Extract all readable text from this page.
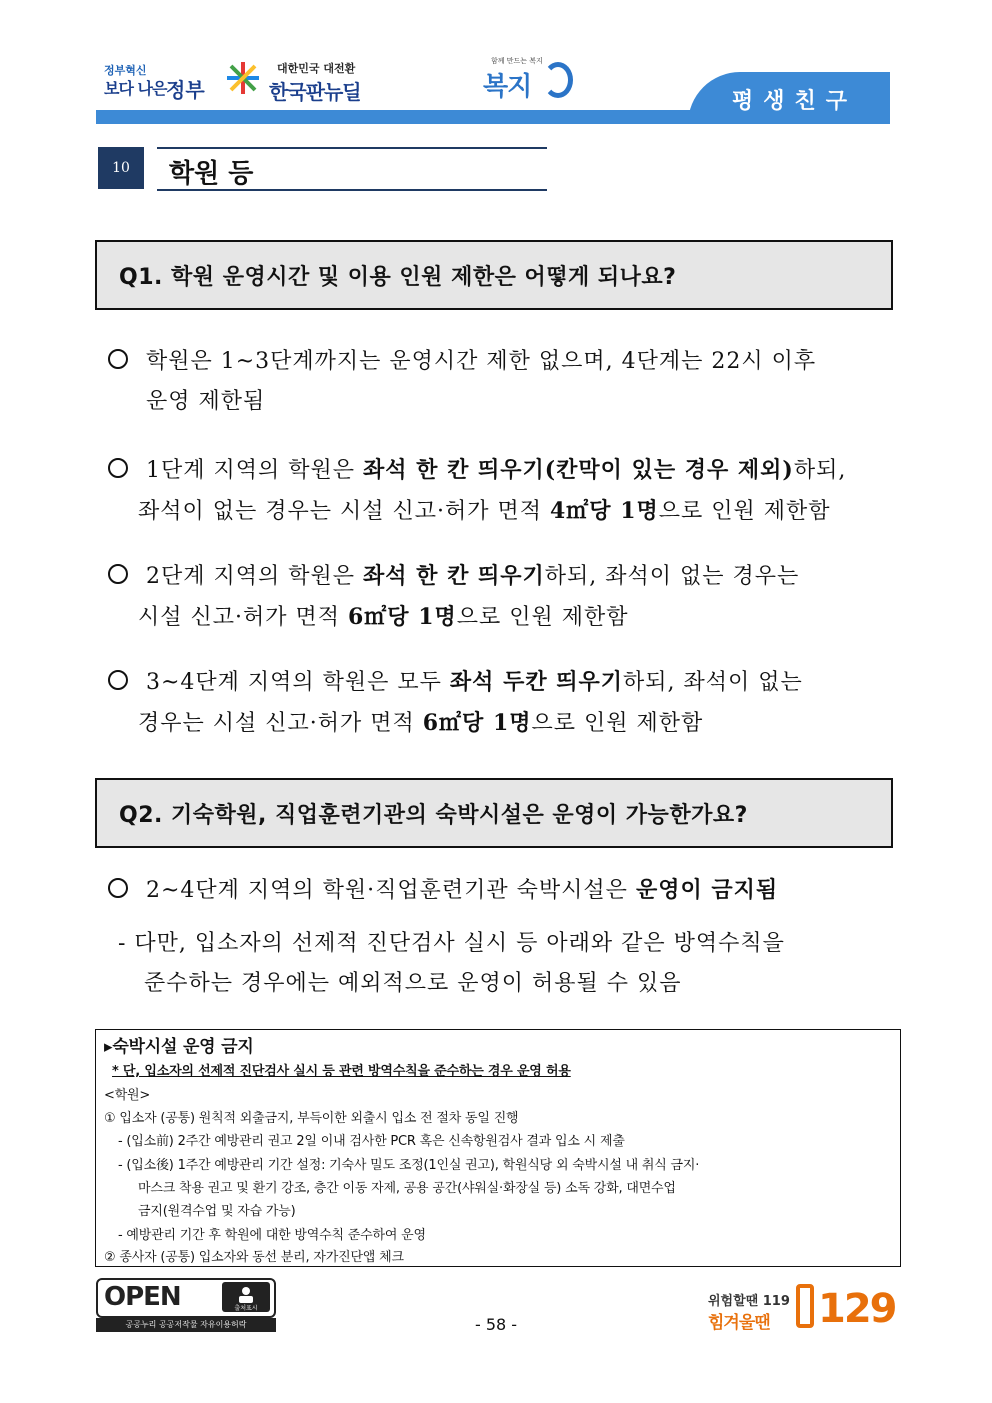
정부혁신
보다 나은 정부
대한민국 대전환
한국판뉴딜
함께 만드는 복지
복지	평생친구
10	학원 등
Q1. 학원 운영시간 및 이용 인원 제한은 어떻게 되나요?
학원은 1~3단계까지는 운영시간 제한 없으며, 4단계는 22시 이후
운영 제한됨
1단계 지역의 학원은 좌석 한 칸 띄우기(칸막이 있는 경우 제외)하되,
좌석이 없는 경우는 시설 신고·허가 면적 4㎡당 1명으로 인원 제한함
2단계 지역의 학원은 좌석 한 칸 띄우기하되, 좌석이 없는 경우는
시설 신고·허가 면적 6㎡당 1명으로 인원 제한함
3~4단계 지역의 학원은 모두 좌석 두칸 띄우기하되, 좌석이 없는
경우는 시설 신고·허가 면적 6㎡당 1명으로 인원 제한함
Q2. 기숙학원, 직업훈련기관의 숙박시설은 운영이 가능한가요?
2~4단계 지역의 학원·직업훈련기관 숙박시설은 운영이 금지됨
- 다만, 입소자의 선제적 진단검사 실시 등 아래와 같은 방역수칙을
준수하는 경우에는 예외적으로 운영이 허용될 수 있음
▸숙박시설 운영 금지
* 단, 입소자의 선제적 진단검사 실시 등 관련 방역수칙을 준수하는 경우 운영 허용
<학원>
① 입소자 (공통) 원칙적 외출금지, 부득이한 외출시 입소 전 절차 동일 진행
- (입소前) 2주간 예방관리 권고 2일 이내 검사한 PCR 혹은 신속항원검사 결과 입소 시 제출
- (입소後) 1주간 예방관리 기간 설정: 기숙사 밀도 조정(1인실 권고), 학원식당 외 숙박시설 내 취식 금지·
마스크 착용 권고 및 환기 강조, 층간 이동 자제, 공용 공간(샤워실·화장실 등) 소독 강화, 대면수업
금지(원격수업 및 자습 가능)
- 예방관리 기간 후 학원에 대한 방역수칙 준수하여 운영
② 종사자 (공통) 입소자와 동선 분리, 자가진단앱 체크
OPEN	출처표시
공공누리 공공저작물 자유이용허락	- 58 -
위험할땐 119
힘겨울땐 129
